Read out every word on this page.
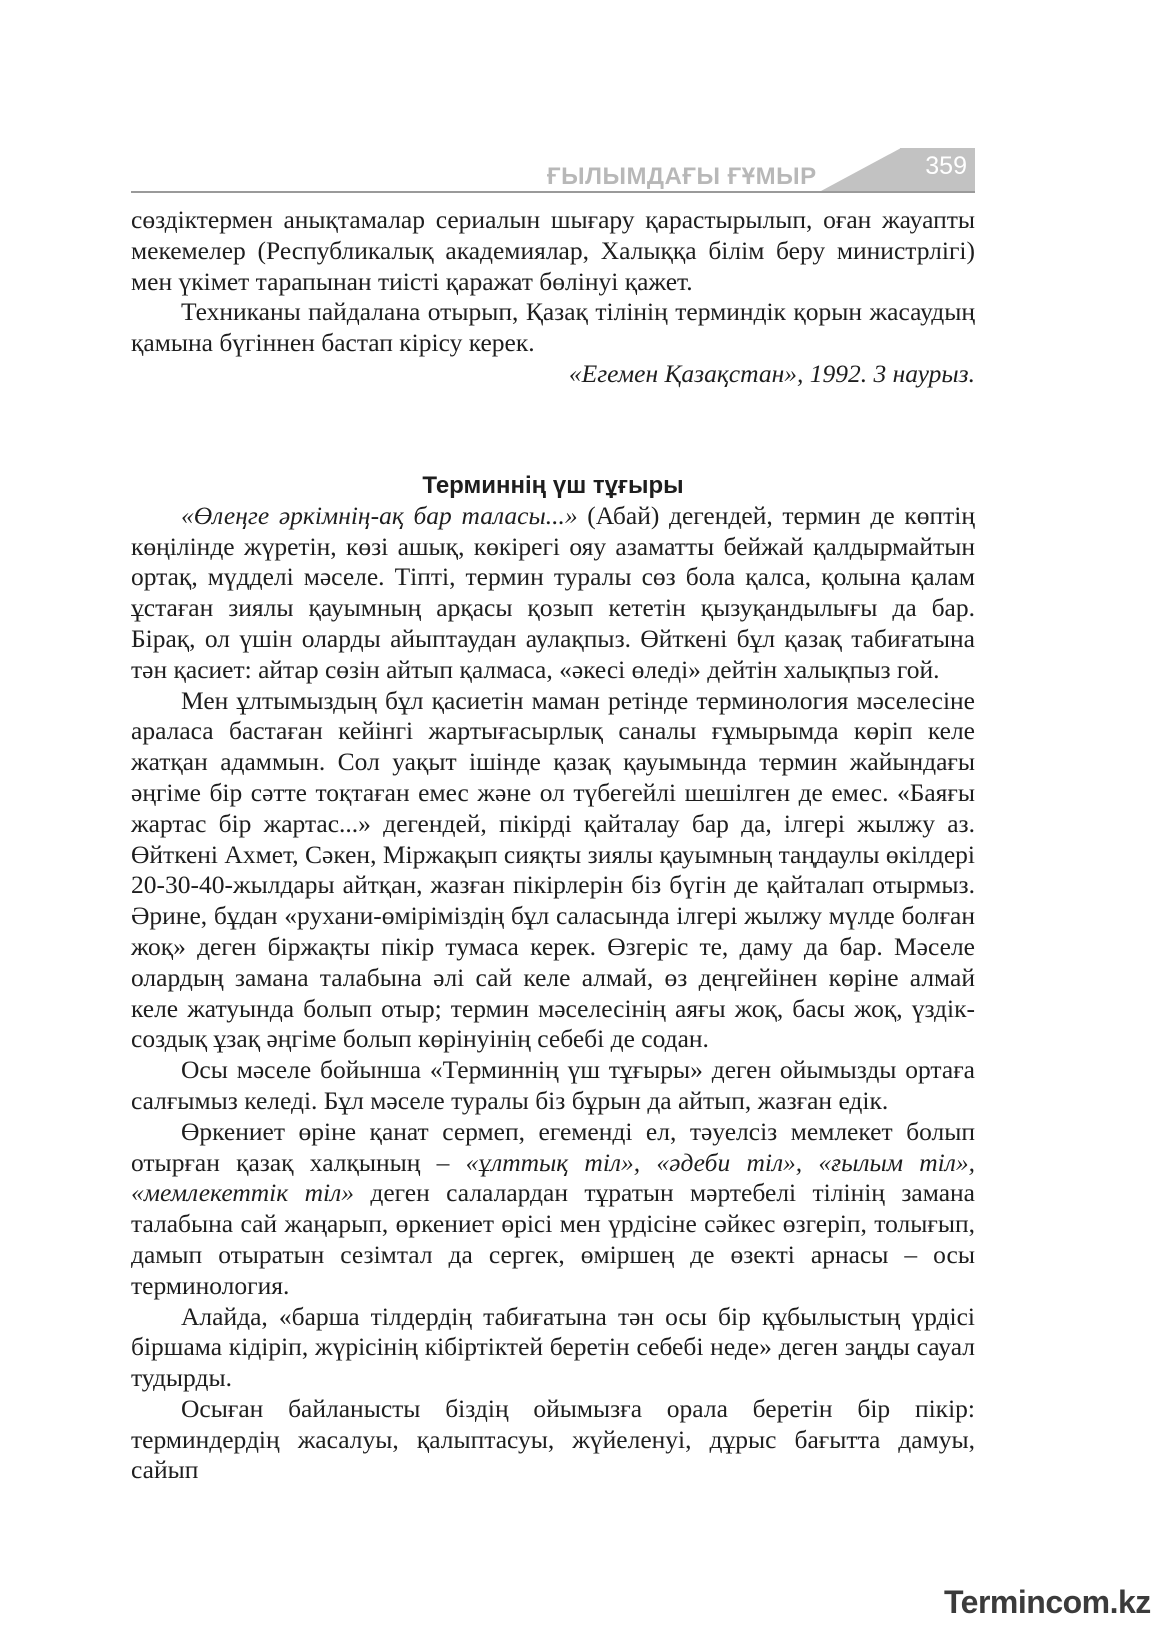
ҒЫЛЫМДАҒЫ ҒҰМЫР	359

сөздіктермен анықтамалар сериалын шығару қарастырылып, оған жауапты мекемелер (Республикалық академиялар, Халыққа білім беру министрлігі) мен үкімет тарапынан тиісті қаражат бөлінуі қажет.

Техниканы пайдалана отырып, Қазақ тілінің терминдік қорын жасаудың қамына бүгіннен бастап кірісу керек.

«Егемен Қазақстан», 1992. 3 наурыз.

Терминнің үш тұғыры

«Өлеңге әркімнің-ақ бар таласы...» (Абай) дегендей, термин де көптің көңілінде жүретін, көзі ашық, көкірегі ояу азаматты бейжай қалдырмайтын ортақ, мүдделі мәселе. Тіпті, термин туралы сөз бола қалса, қолына қалам ұстаған зиялы қауымның арқасы қозып кететін қызуқандылығы да бар. Бірақ, ол үшін оларды айыптаудан аулақпыз. Өйткені бұл қазақ табиғатына тән қасиет: айтар сөзін айтып қалмаса, «әкесі өледі» дейтін халықпыз гой.

Мен ұлтымыздың бұл қасиетін маман ретінде терминология мәселесіне араласа бастаған кейінгі жартығасырлық саналы ғұмырымда көріп келе жатқан адаммын. Сол уақыт ішінде қазақ қауымында термин жайындағы әңгіме бір сәтте тоқтаған емес және ол түбегейлі шешілген де емес. «Баяғы жартас бір жартас...» дегендей, пікірді қайталау бар да, ілгері жылжу аз. Өйткені Ахмет, Сәкен, Міржақып сияқты зиялы қауымның таңдаулы өкілдері 20-30-40-жылдары айтқан, жазған пікірлерін біз бүгін де қайталап отырмыз. Әрине, бұдан «рухани-өміріміздің бұл саласында ілгері жылжу мүлде болған жоқ» деген біржақты пікір тумаса керек. Өзгеріс те, даму да бар. Мәселе олардың замана талабына әлі сай келе алмай, өз деңгейінен көріне алмай келе жатуында болып отыр; термин мәселесінің аяғы жоқ, басы жоқ, үздік-создық ұзақ әңгіме болып көрінуінің себебі де содан.

Осы мәселе бойынша «Терминнің үш тұғыры» деген ойымызды ортаға салғымыз келеді. Бұл мәселе туралы біз бұрын да айтып, жазған едік.

Өркениет өріне қанат сермеп, егеменді ел, тәуелсіз мемлекет болып отырған қазақ халқының – «ұлттық тіл», «әдеби тіл», «ғылым тіл», «мемлекеттік тіл» деген салалардан тұратын мәртебелі тілінің замана талабына сай жаңарып, өркениет өрісі мен үрдісіне сәйкес өзгеріп, толығып, дамып отыратын сезімтал да сергек, өміршең де өзекті арнасы – осы терминология.

Алайда, «барша тілдердің табиғатына тән осы бір құбылыстың үрдісі біршама кідіріп, жүрісінің кібіртіктей беретін себебі неде» деген заңды сауал тудырды.

Осыған байланысты біздің ойымызға орала беретін бір пікір: терминдердің жасалуы, қалыптасуы, жүйеленуі, дұрыс бағытта дамуы, сайып

Termincom.kz
